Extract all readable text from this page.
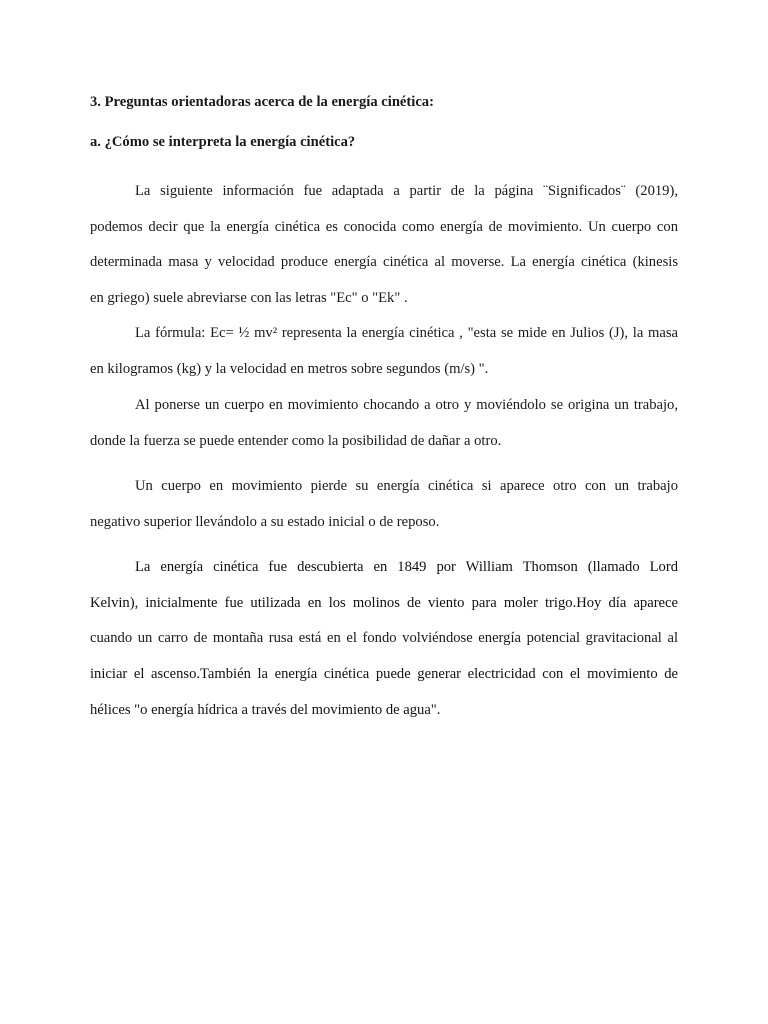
3. Preguntas orientadoras acerca de la energía cinética:
a. ¿Cómo se interpreta la energía cinética?
La siguiente información fue adaptada a partir de la página ¨Significados¨ (2019),
podemos decir que la energía cinética es conocida como energía de movimiento. Un cuerpo con
determinada masa y velocidad produce energía cinética al moverse. La energía cinética (kinesis
en griego) suele abreviarse con las letras "Ec" o "Ek" .
La fórmula: Ec= ½ mv² representa la energía cinética , "esta se mide en Julios (J), la masa
en kilogramos (kg) y la velocidad en metros sobre segundos (m/s) ".
Al ponerse un cuerpo en movimiento chocando a otro y moviéndolo se origina un trabajo,
donde la fuerza se puede entender como la posibilidad de dañar a otro.
Un cuerpo en movimiento pierde su energía cinética si aparece otro con un trabajo
negativo superior llevándolo a su estado inicial o de reposo.
La energía cinética fue descubierta en 1849 por William Thomson (llamado Lord
Kelvin), inicialmente fue utilizada en los molinos de viento para moler trigo.Hoy día aparece
cuando un carro de montaña rusa está en el fondo volviéndose energía potencial gravitacional al
iniciar el ascenso.También la energía cinética puede generar electricidad con el movimiento de
hélices "o energía hídrica a través del movimiento de agua".
